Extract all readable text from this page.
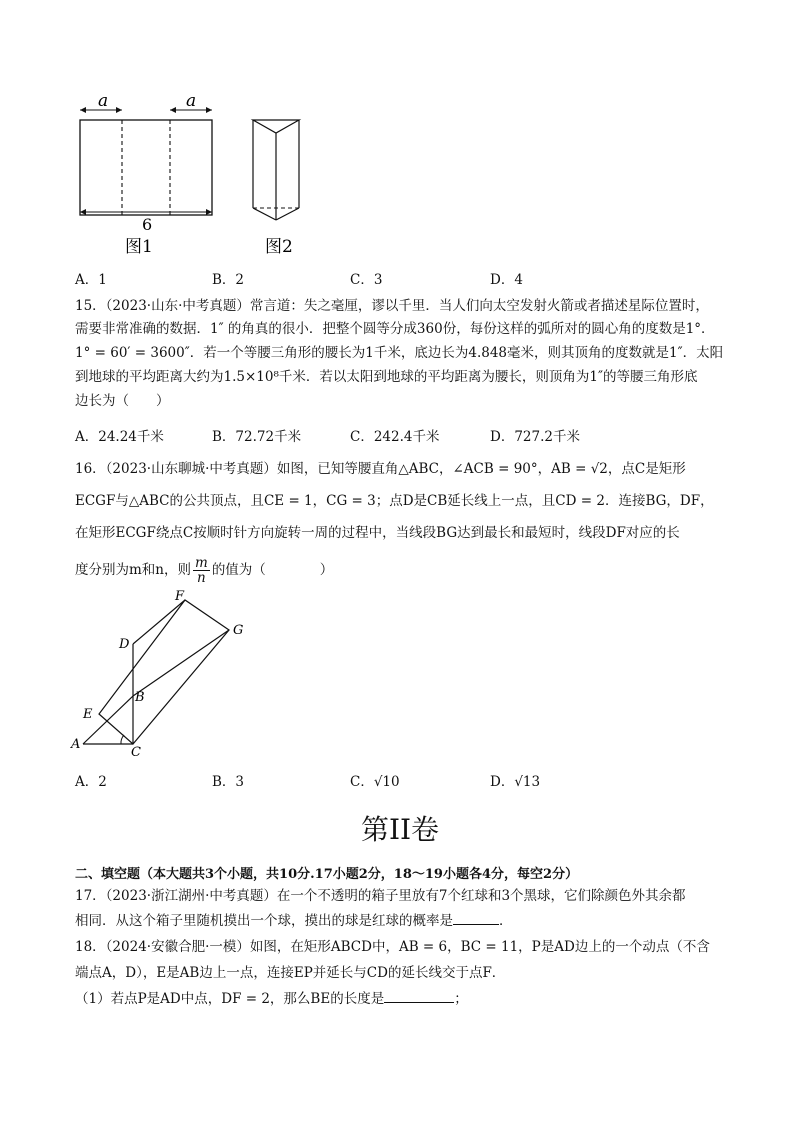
a	a
6
图1	图2
A．1	B．2	C．3	D．4
15．（2023·山东·中考真题）常言道：失之毫厘，谬以千里．当人们向太空发射火箭或者描述星际位置时，
需要非常准确的数据．1″ 的角真的很小．把整个圆等分成360份，每份这样的弧所对的圆心角的度数是1°．
1° = 60′ = 3600″．若一个等腰三角形的腰长为1千米，底边长为4.848毫米，则其顶角的度数就是1″．太阳
到地球的平均距离大约为1.5×10⁸千米．若以太阳到地球的平均距离为腰长，则顶角为1″的等腰三角形底
边长为（　　）
A．24.24千米	B．72.72千米	C．242.4千米	D．727.2千米
16．（2023·山东聊城·中考真题）如图，已知等腰直角△ABC，∠ACB = 90°，AB = √2，点C是矩形
ECGF与△ABC的公共顶点，且CE = 1，CG = 3；点D是CB延长线上一点，且CD = 2．连接BG，DF，
在矩形ECGF绕点C按顺时针方向旋转一周的过程中，当线段BG达到最长和最短时，线段DF对应的长
度分别为m和n，则 $\frac{m}{n}$ 的值为（　　　　）
F
G
D
B
E
A
C
A．2	B．3	C．√10	D．√13
第II卷
二、填空题（本大题共3个小题，共10分.17小题2分，18～19小题各4分，每空2分）
17．（2023·浙江湖州·中考真题）在一个不透明的箱子里放有7个红球和3个黑球，它们除颜色外其余都
相同．从这个箱子里随机摸出一个球，摸出的球是红球的概率是	．
18．（2024·安徽合肥·一模）如图，在矩形ABCD中，AB = 6，BC = 11，P是AD边上的一个动点（不含
端点A，D），E是AB边上一点，连接EP并延长与CD的延长线交于点F．
（1）若点P是AD中点，DF = 2，那么BE的长度是	；
